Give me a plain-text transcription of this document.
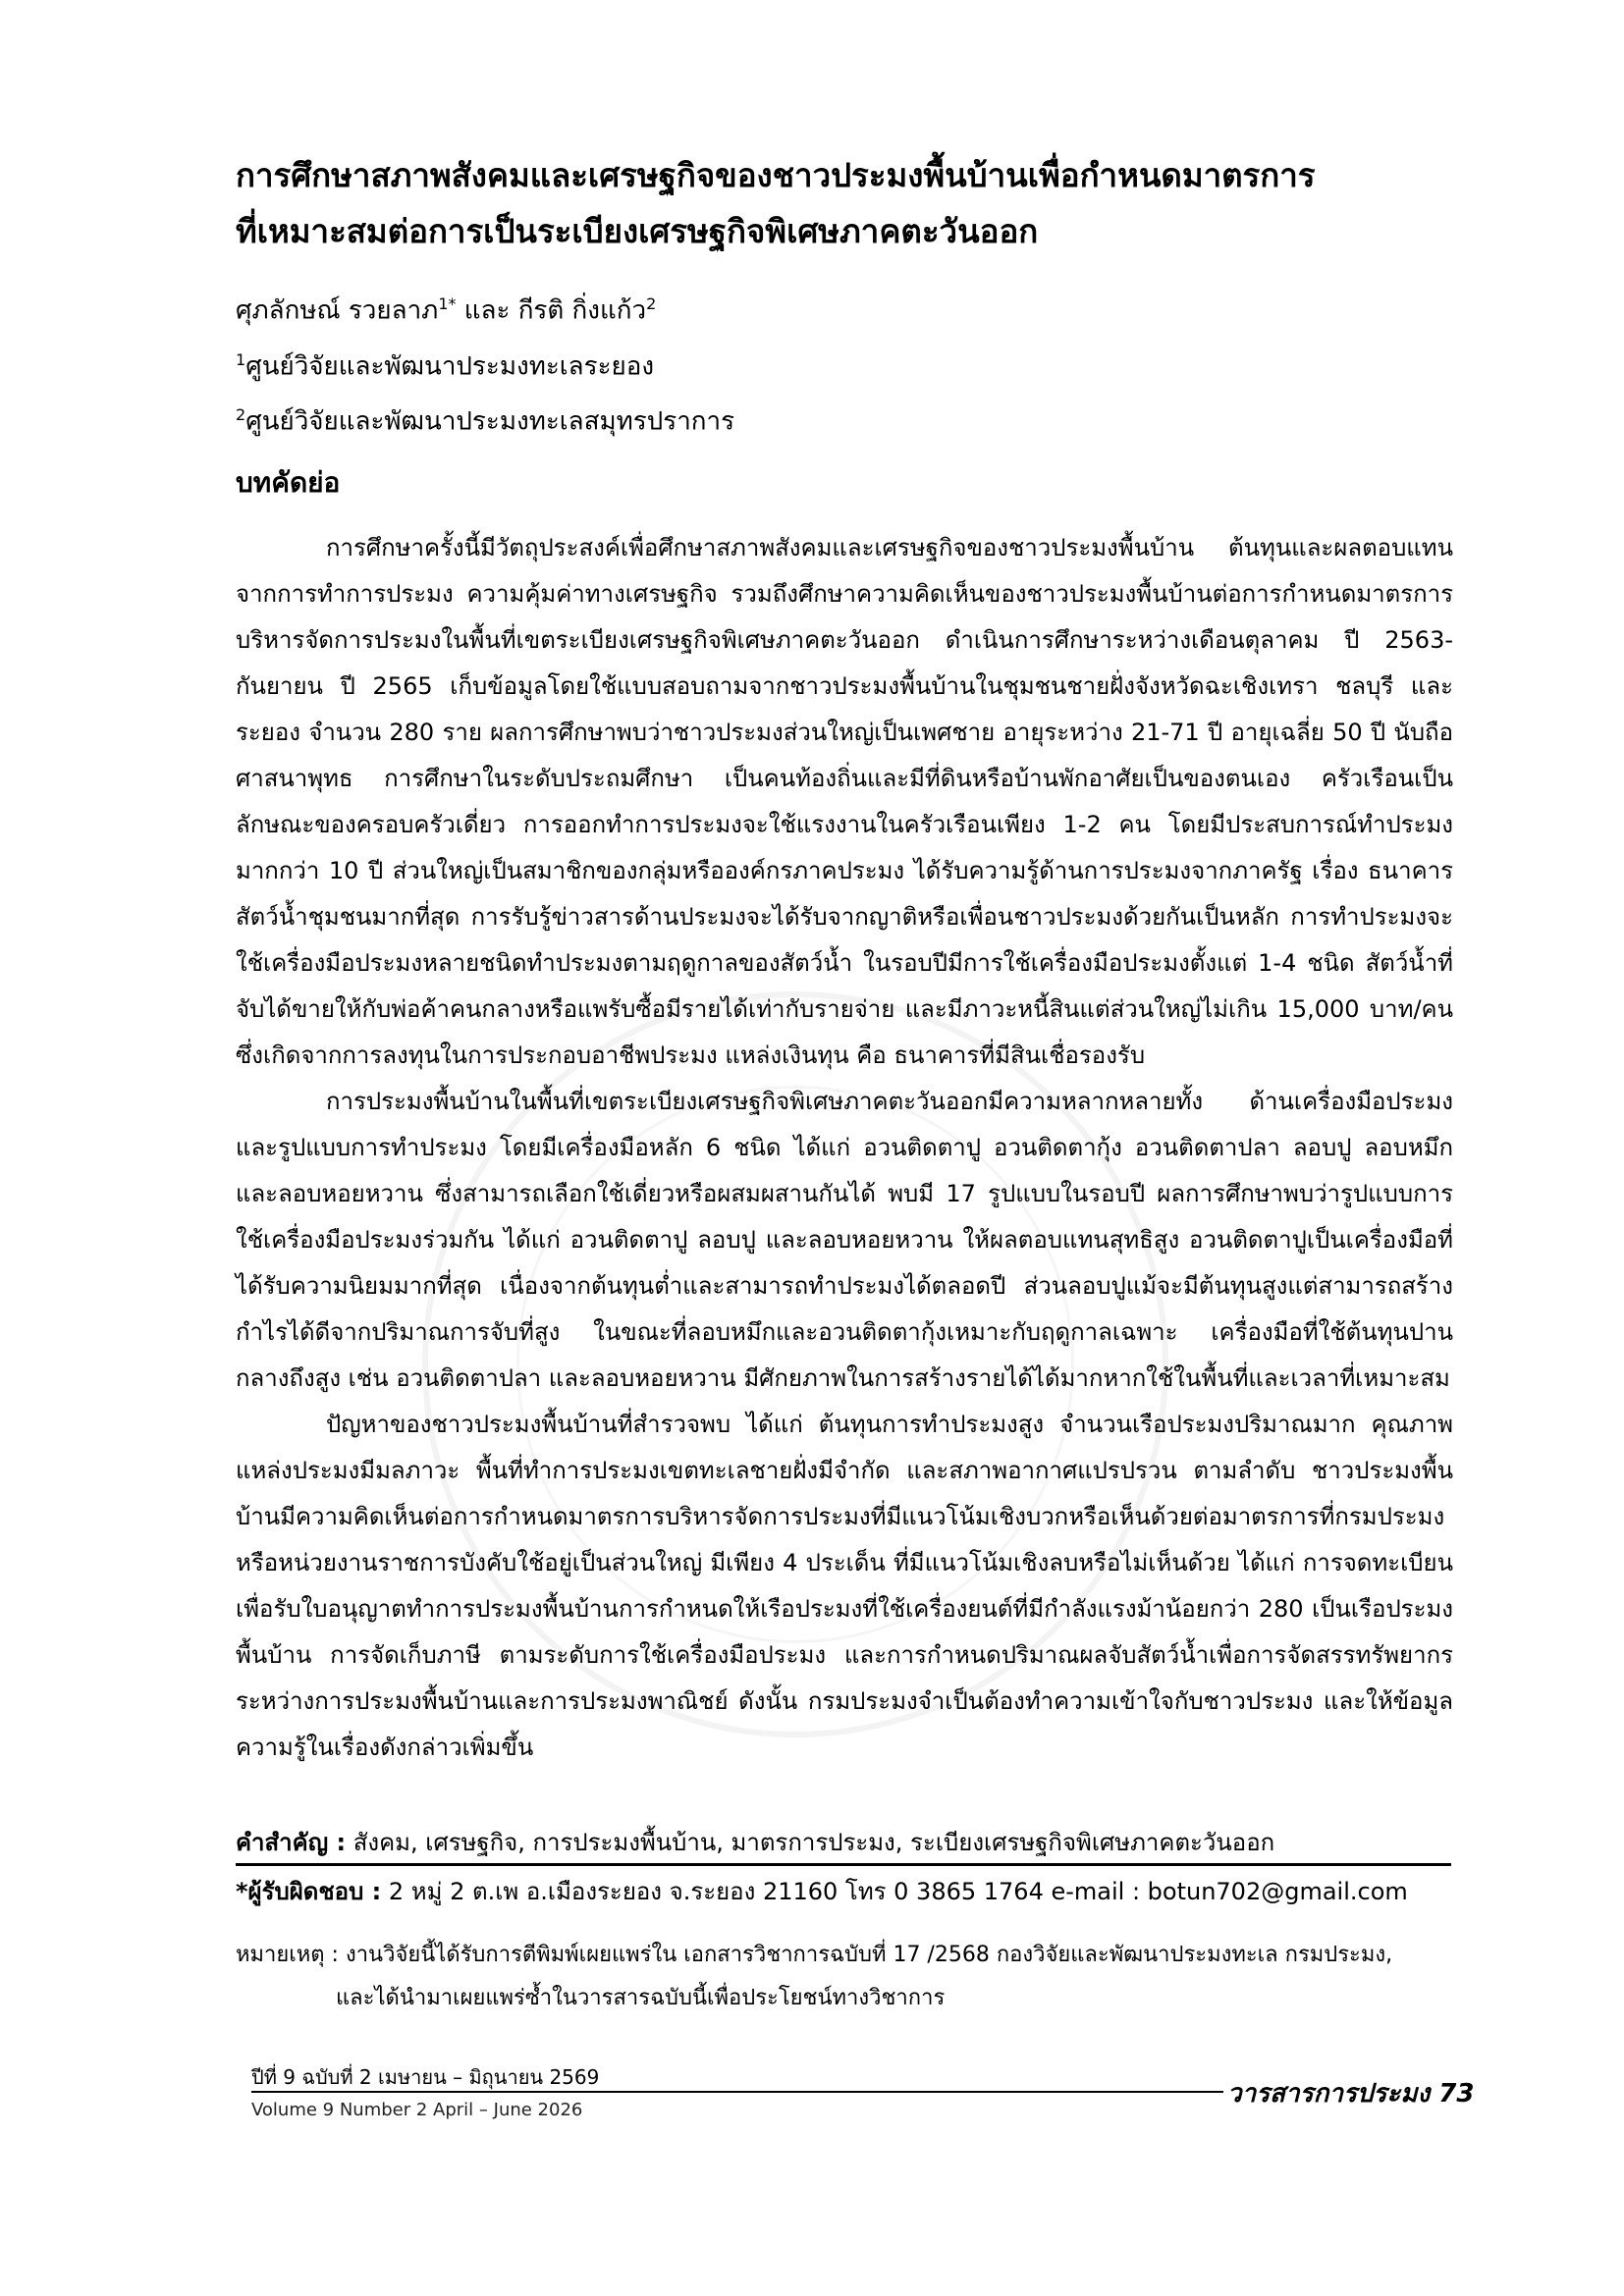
การศึกษาสภาพสังคมและเศรษฐกิจของชาวประมงพื้นบ้านเพื่อกำหนดมาตรการ
ที่เหมาะสมต่อการเป็นระเบียงเศรษฐกิจพิเศษภาคตะวันออก
ศุภลักษณ์ รวยลาภ$^{1*}$ และ กีรติ กิ่งแก้ว$^2$
$^1$ศูนย์วิจัยและพัฒนาประมงทะเลระยอง
$^2$ศูนย์วิจัยและพัฒนาประมงทะเลสมุทรปราการ
บทคัดย่อ

การศึกษาครั้งนี้มีวัตถุประสงค์เพื่อศึกษาสภาพสังคมและเศรษฐกิจของชาวประมงพื้นบ้าน ต้นทุนและผลตอบแทนจากการทำการประมง ความคุ้มค่าทางเศรษฐกิจ รวมถึงศึกษาความคิดเห็นของชาวประมงพื้นบ้านต่อการกำหนดมาตรการบริหารจัดการประมงในพื้นที่เขตระเบียงเศรษฐกิจพิเศษภาคตะวันออก ดำเนินการศึกษาระหว่างเดือนตุลาคม ปี 2563-กันยายน ปี 2565 เก็บข้อมูลโดยใช้แบบสอบถามจากชาวประมงพื้นบ้านในชุมชนชายฝั่งจังหวัดฉะเชิงเทรา ชลบุรี และระยอง จำนวน 280 ราย ผลการศึกษาพบว่าชาวประมงส่วนใหญ่เป็นเพศชาย อายุระหว่าง 21-71 ปี อายุเฉลี่ย 50 ปี นับถือศาสนาพุทธ การศึกษาในระดับประถมศึกษา เป็นคนท้องถิ่นและมีที่ดินหรือบ้านพักอาศัยเป็นของตนเอง ครัวเรือนเป็นลักษณะของครอบครัวเดี่ยว การออกทำการประมงจะใช้แรงงานในครัวเรือนเพียง 1-2 คน โดยมีประสบการณ์ทำประมงมากกว่า 10 ปี ส่วนใหญ่เป็นสมาชิกของกลุ่มหรือองค์กรภาคประมง ได้รับความรู้ด้านการประมงจากภาครัฐ เรื่อง ธนาคารสัตว์น้ำชุมชนมากที่สุด การรับรู้ข่าวสารด้านประมงจะได้รับจากญาติหรือเพื่อนชาวประมงด้วยกันเป็นหลัก การทำประมงจะใช้เครื่องมือประมงหลายชนิดทำประมงตามฤดูกาลของสัตว์น้ำ ในรอบปีมีการใช้เครื่องมือประมงตั้งแต่ 1-4 ชนิด สัตว์น้ำที่จับได้ขายให้กับพ่อค้าคนกลางหรือแพรับซื้อมีรายได้เท่ากับรายจ่าย และมีภาวะหนี้สินแต่ส่วนใหญ่ไม่เกิน 15,000 บาท/คน ซึ่งเกิดจากการลงทุนในการประกอบอาชีพประมง แหล่งเงินทุน คือ ธนาคารที่มีสินเชื่อรองรับ

การประมงพื้นบ้านในพื้นที่เขตระเบียงเศรษฐกิจพิเศษภาคตะวันออกมีความหลากหลายทั้ง ด้านเครื่องมือประมงและรูปแบบการทำประมง โดยมีเครื่องมือหลัก 6 ชนิด ได้แก่ อวนติดตาปู อวนติดตากุ้ง อวนติดตาปลา ลอบปู ลอบหมึก และลอบหอยหวาน ซึ่งสามารถเลือกใช้เดี่ยวหรือผสมผสานกันได้ พบมี 17 รูปแบบในรอบปี ผลการศึกษาพบว่ารูปแบบการใช้เครื่องมือประมงร่วมกัน ได้แก่ อวนติดตาปู ลอบปู และลอบหอยหวาน ให้ผลตอบแทนสุทธิสูง อวนติดตาปูเป็นเครื่องมือที่ได้รับความนิยมมากที่สุด เนื่องจากต้นทุนต่ำและสามารถทำประมงได้ตลอดปี ส่วนลอบปูแม้จะมีต้นทุนสูงแต่สามารถสร้างกำไรได้ดีจากปริมาณการจับที่สูง ในขณะที่ลอบหมึกและอวนติดตากุ้งเหมาะกับฤดูกาลเฉพาะ เครื่องมือที่ใช้ต้นทุนปานกลางถึงสูง เช่น อวนติดตาปลา และลอบหอยหวาน มีศักยภาพในการสร้างรายได้ได้มากหากใช้ในพื้นที่และเวลาที่เหมาะสม

ปัญหาของชาวประมงพื้นบ้านที่สำรวจพบ ได้แก่ ต้นทุนการทำประมงสูง จำนวนเรือประมงปริมาณมาก คุณภาพแหล่งประมงมีมลภาวะ พื้นที่ทำการประมงเขตทะเลชายฝั่งมีจำกัด และสภาพอากาศแปรปรวน ตามลำดับ ชาวประมงพื้นบ้านมีความคิดเห็นต่อการกำหนดมาตรการบริหารจัดการประมงที่มีแนวโน้มเชิงบวกหรือเห็นด้วยต่อมาตรการที่กรมประมงหรือหน่วยงานราชการบังคับใช้อยู่เป็นส่วนใหญ่ มีเพียง 4 ประเด็น ที่มีแนวโน้มเชิงลบหรือไม่เห็นด้วย ได้แก่ การจดทะเบียนเพื่อรับใบอนุญาตทำการประมงพื้นบ้านการกำหนดให้เรือประมงที่ใช้เครื่องยนต์ที่มีกำลังแรงม้าน้อยกว่า 280 เป็นเรือประมงพื้นบ้าน การจัดเก็บภาษี ตามระดับการใช้เครื่องมือประมง และการกำหนดปริมาณผลจับสัตว์น้ำเพื่อการจัดสรรทรัพยากรระหว่างการประมงพื้นบ้านและการประมงพาณิชย์ ดังนั้น กรมประมงจำเป็นต้องทำความเข้าใจกับชาวประมง และให้ข้อมูลความรู้ในเรื่องดังกล่าวเพิ่มขึ้น

คำสำคัญ : สังคม, เศรษฐกิจ, การประมงพื้นบ้าน, มาตรการประมง, ระเบียงเศรษฐกิจพิเศษภาคตะวันออก
*ผู้รับผิดชอบ : 2 หมู่ 2 ต.เพ อ.เมืองระยอง จ.ระยอง 21160 โทร 0 3865 1764 e-mail : botun702@gmail.com
หมายเหตุ : งานวิจัยนี้ได้รับการตีพิมพ์เผยแพร่ใน เอกสารวิชาการฉบับที่ 17 /2568 กองวิจัยและพัฒนาประมงทะเล กรมประมง,
และได้นำมาเผยแพร่ซ้ำในวารสารฉบับนี้เพื่อประโยชน์ทางวิชาการ
ปีที่ 9 ฉบับที่ 2 เมษายน – มิถุนายน 2569
Volume 9 Number 2 April – June 2026
วารสารการประมง 73
